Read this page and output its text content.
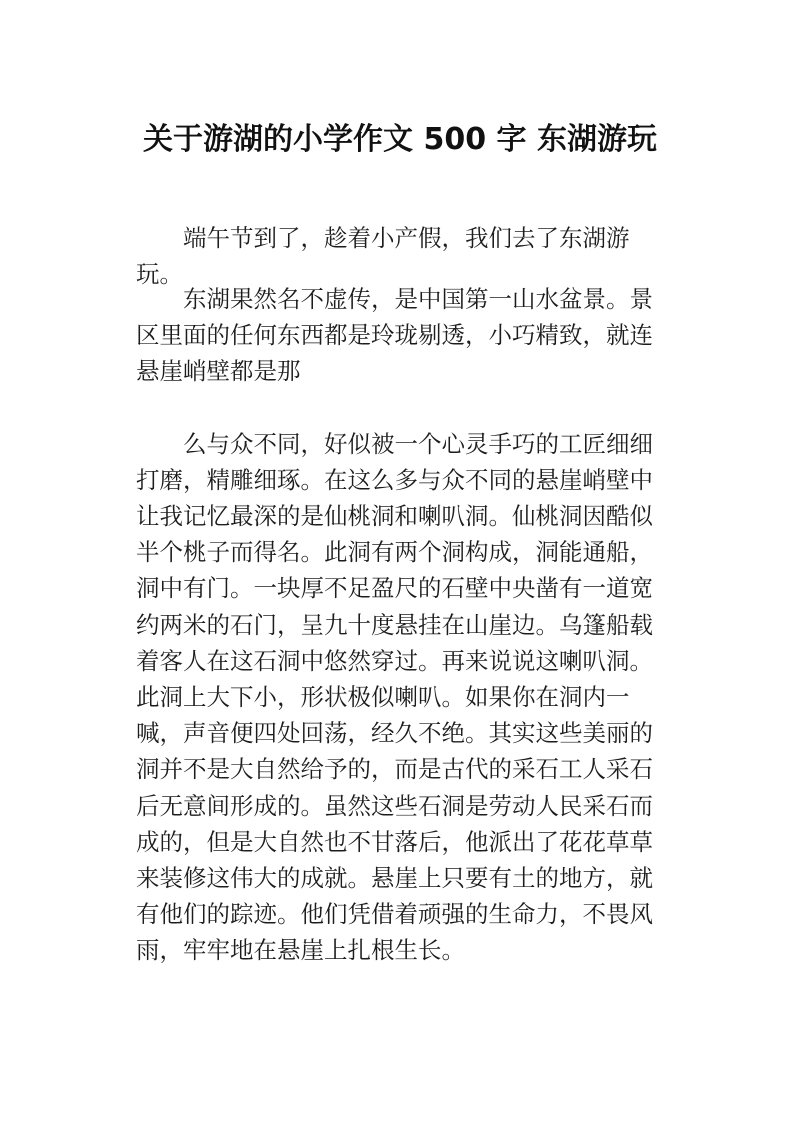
关于游湖的小学作文 500 字 东湖游玩

端午节到了，趁着小产假，我们去了东湖游玩。

东湖果然名不虚传，是中国第一山水盆景。景区里面的任何东西都是玲珑剔透，小巧精致，就连悬崖峭壁都是那

么与众不同，好似被一个心灵手巧的工匠细细打磨，精雕细琢。在这么多与众不同的悬崖峭壁中让我记忆最深的是仙桃洞和喇叭洞。仙桃洞因酷似半个桃子而得名。此洞有两个洞构成，洞能通船，洞中有门。一块厚不足盈尺的石壁中央凿有一道宽约两米的石门，呈九十度悬挂在山崖边。乌篷船载着客人在这石洞中悠然穿过。再来说说这喇叭洞。此洞上大下小，形状极似喇叭。如果你在洞内一喊，声音便四处回荡，经久不绝。其实这些美丽的洞并不是大自然给予的，而是古代的采石工人采石后无意间形成的。虽然这些石洞是劳动人民采石而成的，但是大自然也不甘落后，他派出了花花草草来装修这伟大的成就。悬崖上只要有土的地方，就有他们的踪迹。他们凭借着顽强的生命力，不畏风雨，牢牢地在悬崖上扎根生长。
